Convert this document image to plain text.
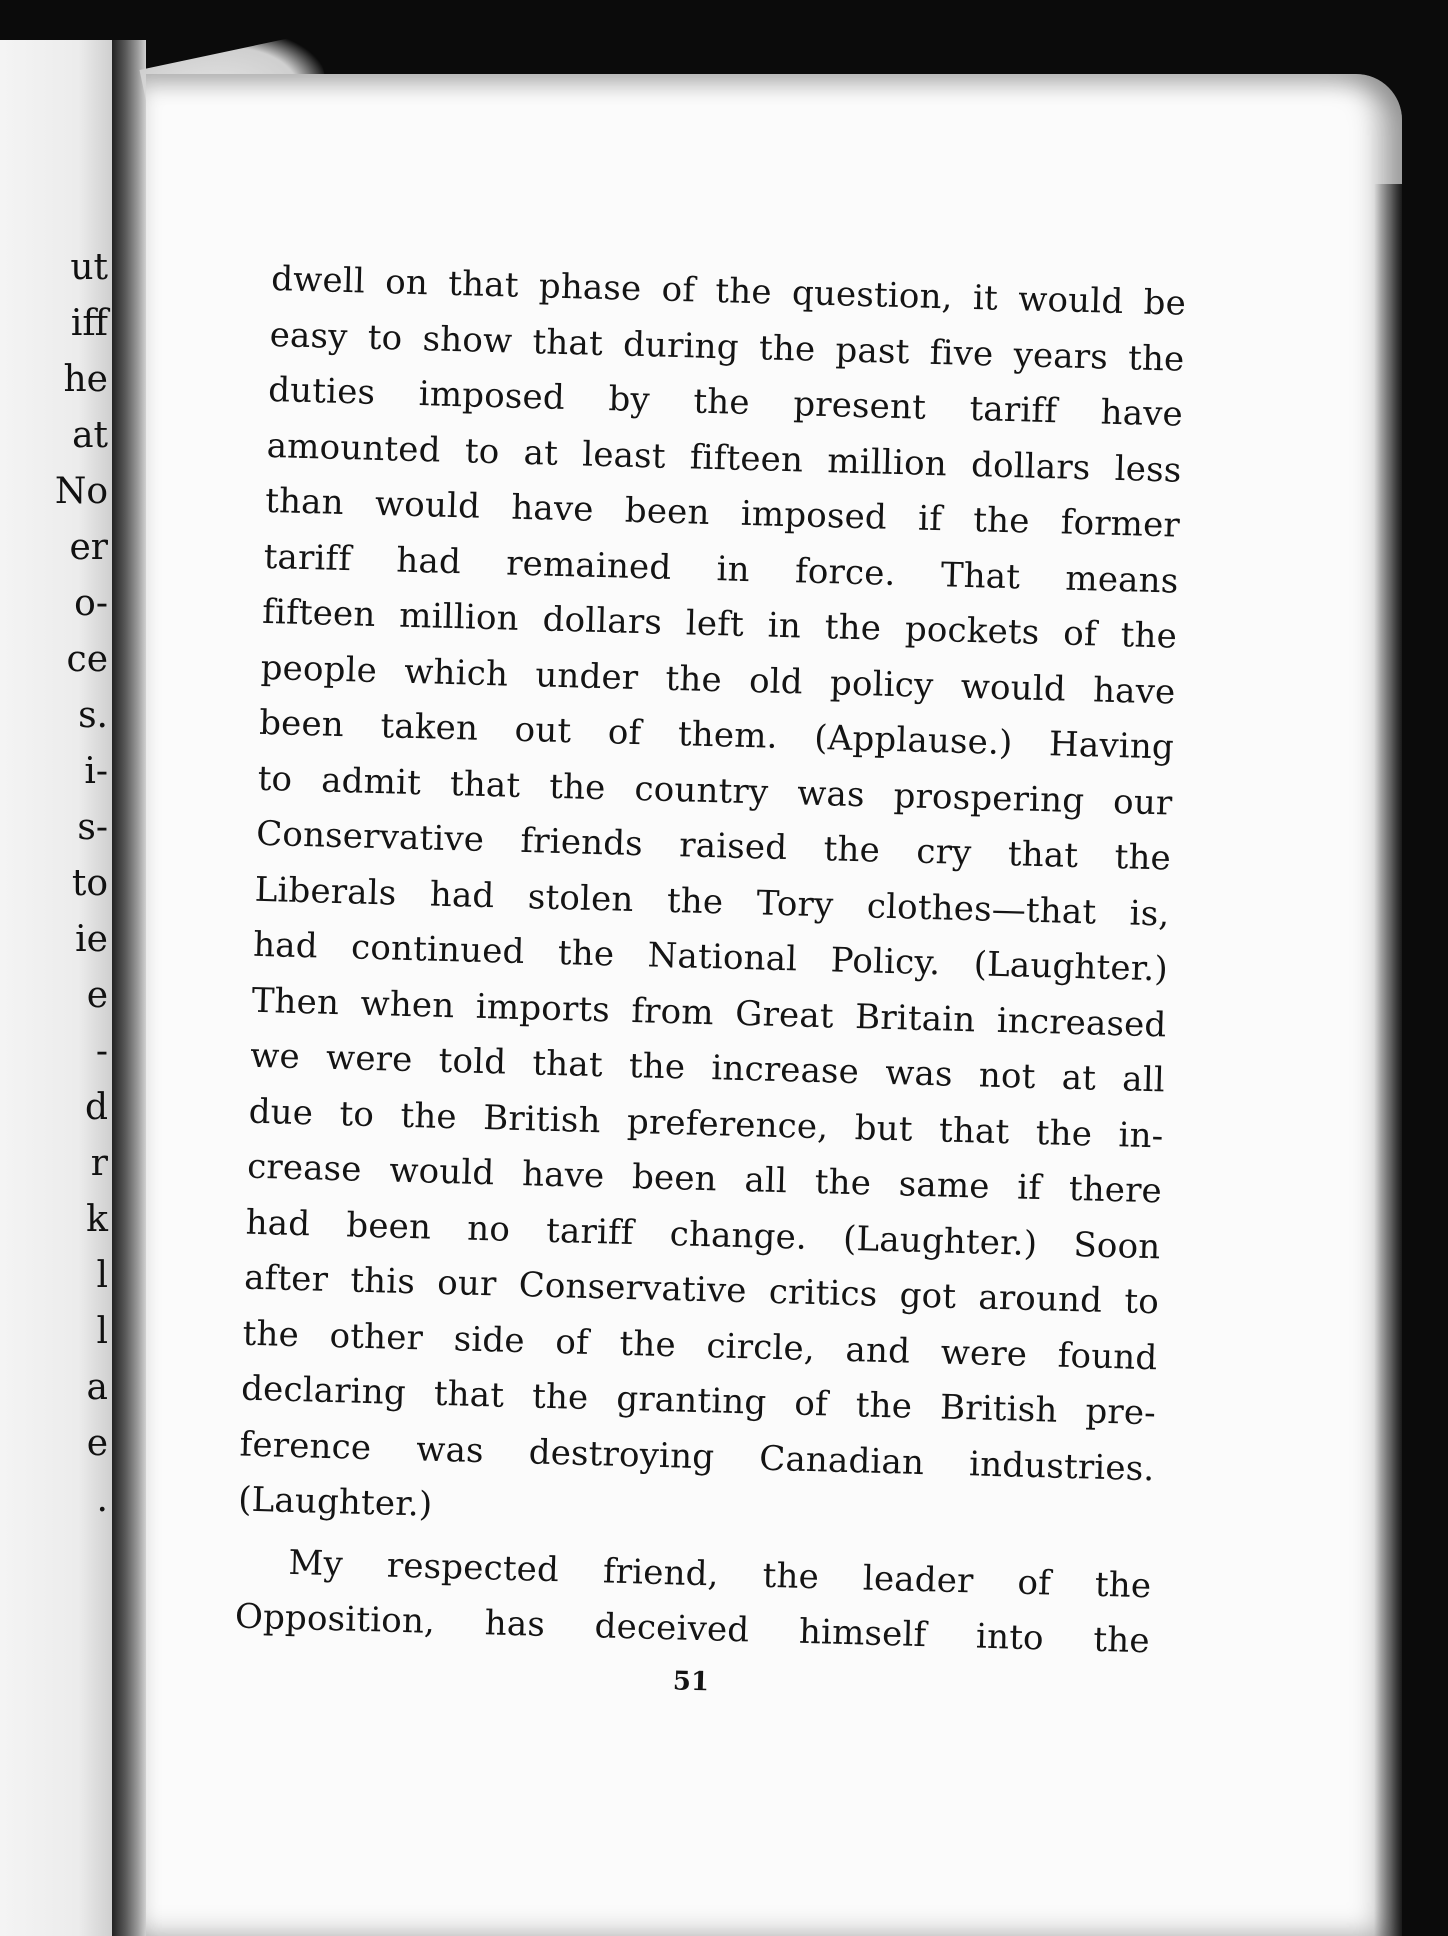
ut
iff
he
at
No
er
o-
ce
s.
i-
s-
to
ie
e
-
d
r
k
l
l
a
e
.
dwell on that phase of the question, it would be
easy to show that during the past five years the
duties imposed by the present tariff have
amounted to at least fifteen million dollars less
than would have been imposed if the former
tariff had remained in force. That means
fifteen million dollars left in the pockets of the
people which under the old policy would have
been taken out of them. (Applause.) Having
to admit that the country was prospering our
Conservative friends raised the cry that the
Liberals had stolen the Tory clothes—that is,
had continued the National Policy. (Laughter.)
Then when imports from Great Britain increased
we were told that the increase was not at all
due to the British preference, but that the in-
crease would have been all the same if there
had been no tariff change. (Laughter.) Soon
after this our Conservative critics got around to
the other side of the circle, and were found
declaring that the granting of the British pre-
ference was destroying Canadian industries.
(Laughter.)
My respected friend, the leader of the
Opposition, has deceived himself into the
51
